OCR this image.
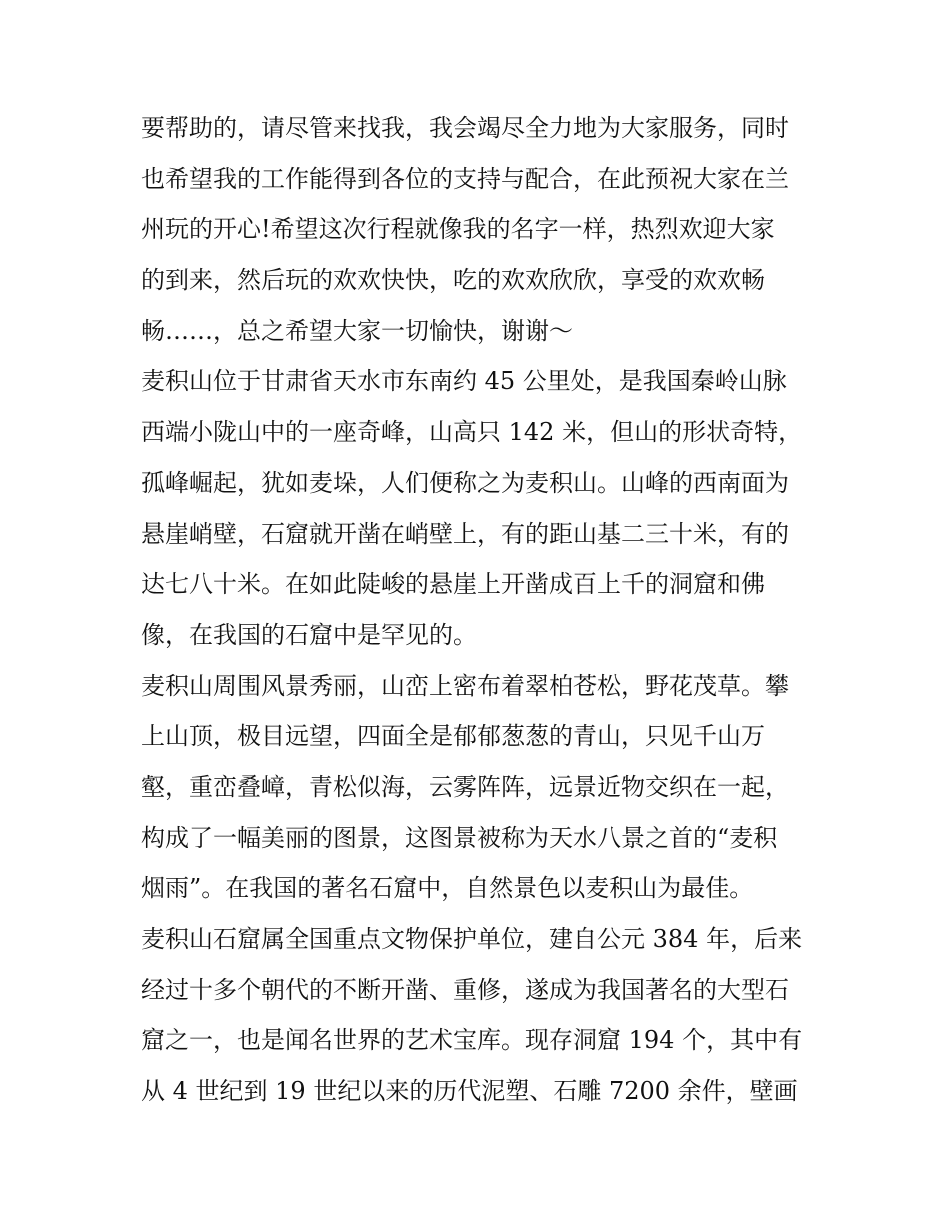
要帮助的，请尽管来找我，我会竭尽全力地为大家服务，同时
也希望我的工作能得到各位的支持与配合，在此预祝大家在兰
州玩的开心!希望这次行程就像我的名字一样，热烈欢迎大家
的到来，然后玩的欢欢快快，吃的欢欢欣欣，享受的欢欢畅
畅……，总之希望大家一切愉快，谢谢～
麦积山位于甘肃省天水市东南约 45 公里处，是我国秦岭山脉
西端小陇山中的一座奇峰，山高只 142 米，但山的形状奇特，
孤峰崛起，犹如麦垛，人们便称之为麦积山。山峰的西南面为
悬崖峭壁，石窟就开凿在峭壁上，有的距山基二三十米，有的
达七八十米。在如此陡峻的悬崖上开凿成百上千的洞窟和佛
像，在我国的石窟中是罕见的。
麦积山周围风景秀丽，山峦上密布着翠柏苍松，野花茂草。攀
上山顶，极目远望，四面全是郁郁葱葱的青山，只见千山万
壑，重峦叠嶂，青松似海，云雾阵阵，远景近物交织在一起，
构成了一幅美丽的图景，这图景被称为天水八景之首的“麦积
烟雨”。在我国的著名石窟中，自然景色以麦积山为最佳。
麦积山石窟属全国重点文物保护单位，建自公元 384 年，后来
经过十多个朝代的不断开凿、重修，遂成为我国著名的大型石
窟之一，也是闻名世界的艺术宝库。现存洞窟 194 个，其中有
从 4 世纪到 19 世纪以来的历代泥塑、石雕 7200 余件，壁画
